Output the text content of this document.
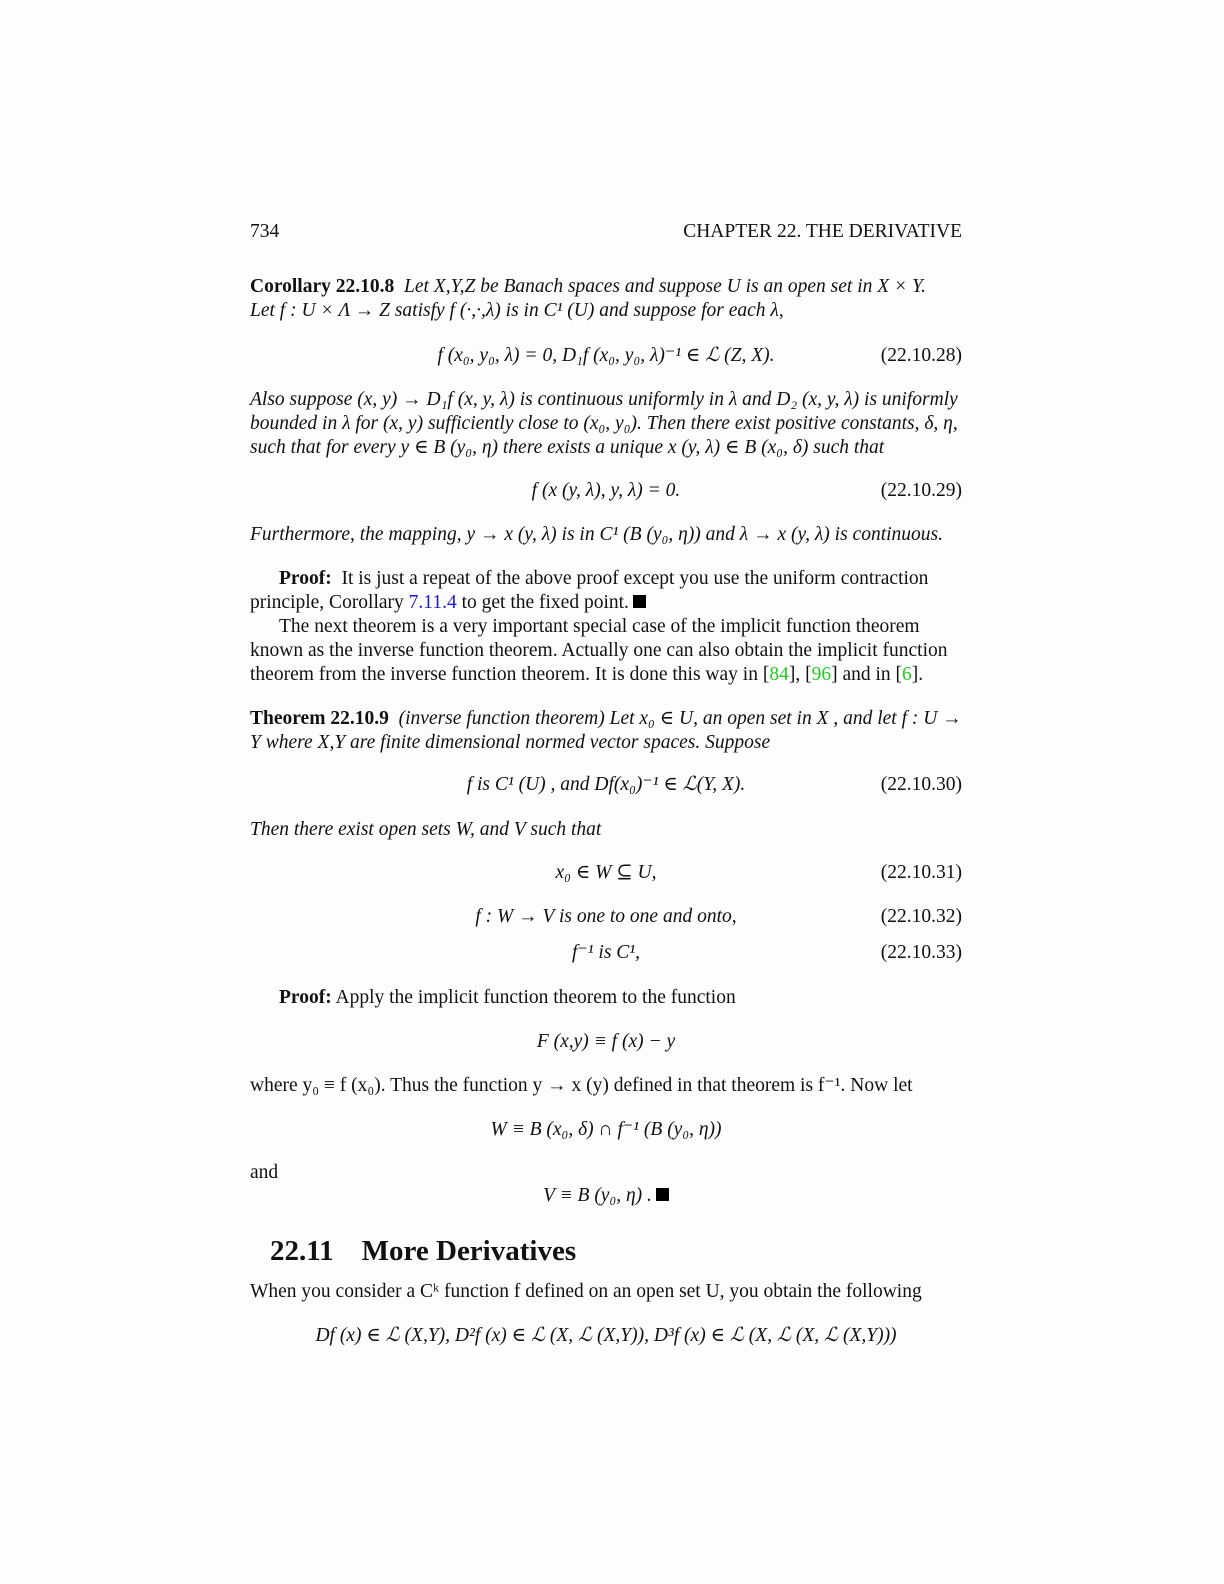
734	CHAPTER 22. THE DERIVATIVE
Corollary 22.10.8 Let X,Y,Z be Banach spaces and suppose U is an open set in X × Y.
Let f : U × Λ → Z satisfy f (·,·,λ) is in C¹ (U) and suppose for each λ,
f (x₀, y₀, λ) = 0, D₁f (x₀, y₀, λ)⁻¹ ∈ ℒ (Z, X).	(22.10.28)
Also suppose (x, y) → D₁f (x, y, λ) is continuous uniformly in λ and D₂ (x, y, λ) is uniformly
bounded in λ for (x, y) sufficiently close to (x₀, y₀). Then there exist positive constants, δ, η,
such that for every y ∈ B (y₀, η) there exists a unique x (y, λ) ∈ B (x₀, δ) such that
f (x (y, λ), y, λ) = 0.	(22.10.29)
Furthermore, the mapping, y → x (y, λ) is in C¹ (B (y₀, η)) and λ → x (y, λ) is continuous.
Proof: It is just a repeat of the above proof except you use the uniform contraction
principle, Corollary 7.11.4 to get the fixed point.
The next theorem is a very important special case of the implicit function theorem
known as the inverse function theorem. Actually one can also obtain the implicit function
theorem from the inverse function theorem. It is done this way in [84], [96] and in [6].
Theorem 22.10.9 (inverse function theorem) Let x₀ ∈ U, an open set in X , and let f : U →
Y where X,Y are finite dimensional normed vector spaces. Suppose
f is C¹ (U) , and Df(x₀)⁻¹ ∈ ℒ(Y, X).	(22.10.30)
Then there exist open sets W, and V such that
x₀ ∈ W ⊆ U,	(22.10.31)
f : W → V is one to one and onto,	(22.10.32)
f⁻¹ is C¹,	(22.10.33)
Proof: Apply the implicit function theorem to the function
F (x,y) ≡ f (x) − y
where y₀ ≡ f (x₀). Thus the function y → x (y) defined in that theorem is f⁻¹. Now let
W ≡ B (x₀, δ) ∩ f⁻¹ (B (y₀, η))
and
V ≡ B (y₀, η) .
22.11 More Derivatives
When you consider a Cᵏ function f defined on an open set U, you obtain the following
Df (x) ∈ ℒ (X,Y), D²f (x) ∈ ℒ (X, ℒ (X,Y)), D³f (x) ∈ ℒ (X, ℒ (X, ℒ (X,Y)))
